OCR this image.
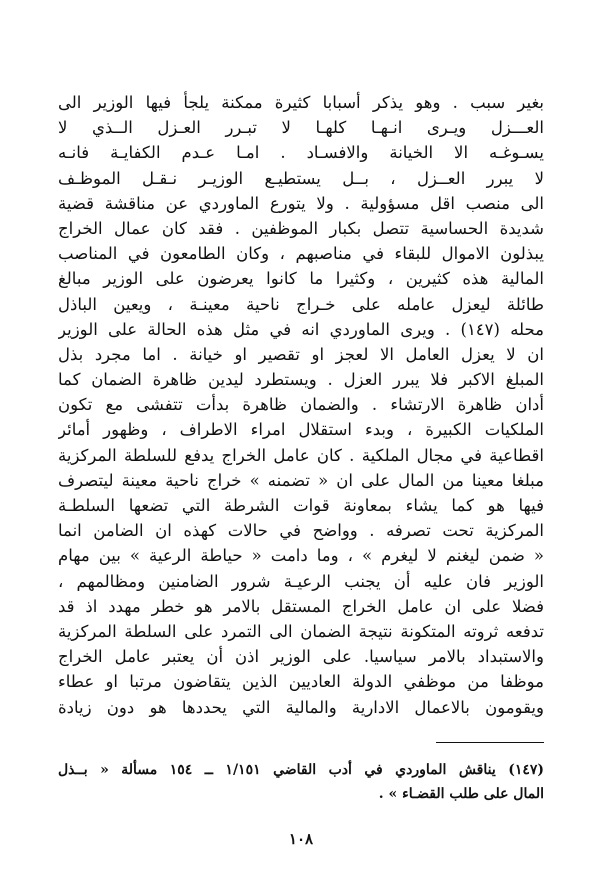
بغير سبب . وهو يذكر أسبابا كثيرة ممكنة يلجأ فيها الوزير الى
العـــزل ويـرى انـهـا كلهـا لا تبـرر العـزل الــذي لا
يسـوغـه الا الخيانة والافسـاد . امـا عـدم الكفايـة فانـه
لا يبرر العــزل ، بــل يستطيـع الوزيـر نـقـل الموظـف
الى منصب اقل مسؤولية . ولا يتورع الماوردي عن مناقشة قضية
شديدة الحساسية تتصل بكبار الموظفين . فقد كان عمال الخراج
يبذلون الاموال للبقاء في مناصبهم ، وكان الطامعون في المناصب
المالية هذه كثيرين ، وكثيرا ما كانوا يعرضون على الوزير مبالغ
طائلة ليعزل عامله على خـراج ناحية معينـة ، ويعين الباذل
محله (١٤٧) . ويرى الماوردي انه في مثل هذه الحالة على الوزير
ان لا يعزل العامل الا لعجز او تقصير او خيانة . اما مجرد بذل
المبلغ الاكبر فلا يبرر العزل . ويستطرد ليدين ظاهرة الضمان كما
أدان ظاهرة الارتشاء . والضمان ظاهرة بدأت تتفشى مع تكون
الملكيات الكبيرة ، وبدء استقلال امراء الاطراف ، وظهور أمائر
اقطاعية في مجال الملكية . كان عامل الخراج يدفع للسلطة المركزية
مبلغا معينا من المال على ان « تضمنه » خراج ناحية معينة ليتصرف
فيها هو كما يشاء بمعاونة قوات الشرطة التي تضعها السلطـة
المركزية تحت تصرفه . وواضح في حالات كهذه ان الضامن انما
« ضمن ليغنم لا ليغرم » ، وما دامت « حياطة الرعية » بين مهام
الوزير فان عليه أن يجنب الرعيـة شرور الضامنين ومظالمهم ،
فضلا على ان عامل الخراج المستقل بالامر هو خطر مهدد اذ قد
تدفعه ثروته المتكونة نتيجة الضمان الى التمرد على السلطة المركزية
والاستبداد بالامر سياسيا. على الوزير اذن أن يعتبر عامل الخراج
موظفا من موظفي الدولة العاديين الذين يتقاضون مرتبا او عطاء
ويقومون بالاعمال الادارية والمالية التي يحددها هو دون زيادة
(١٤٧) يناقش الماوردي في أدب القاضي ١/١٥١ ــ ١٥٤ مسألة « بــذل
المال على طلب القضـاء » .
١٠٨
